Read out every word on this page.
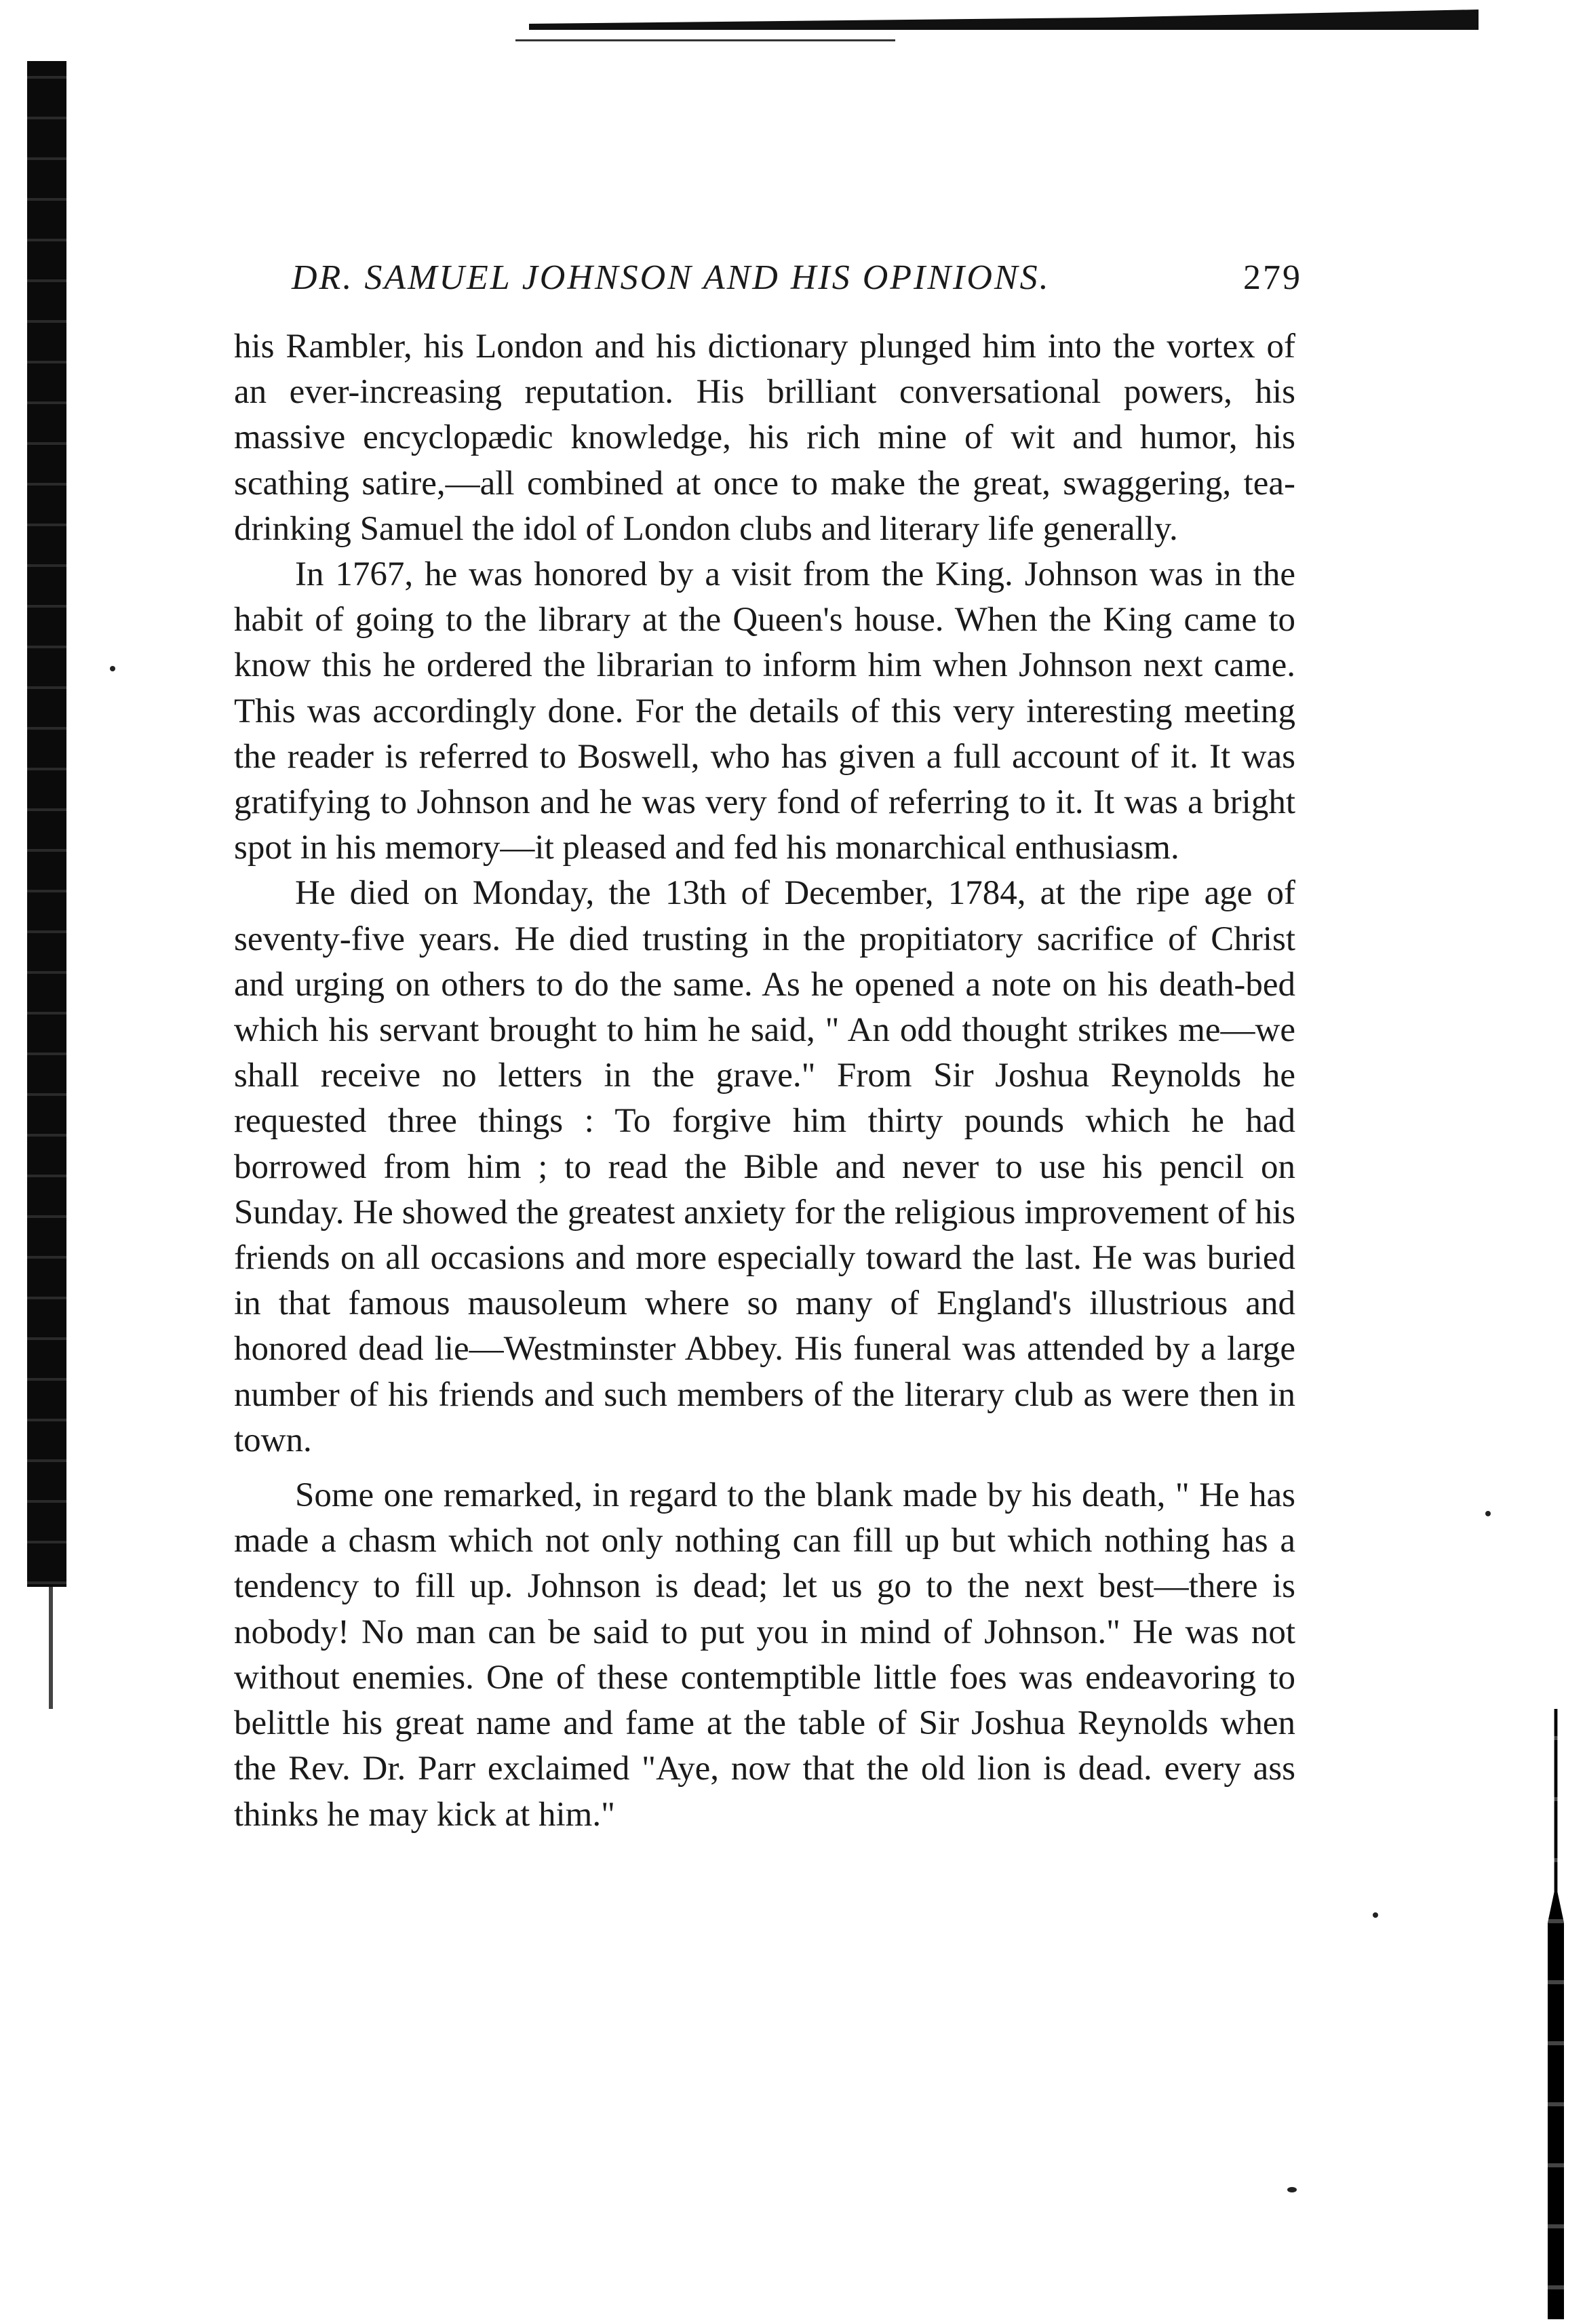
DR. SAMUEL JOHNSON AND HIS OPINIONS.	279

his Rambler, his London and his dictionary plunged him into the vortex of an ever-increasing reputation. His brilliant conversational powers, his massive encyclopædic knowledge, his rich mine of wit and humor, his scathing satire,—all combined at once to make the great, swaggering, tea-drinking Samuel the idol of London clubs and literary life generally.

In 1767, he was honored by a visit from the King. Johnson was in the habit of going to the library at the Queen's house. When the King came to know this he ordered the librarian to inform him when Johnson next came. This was accordingly done. For the details of this very interesting meeting the reader is referred to Boswell, who has given a full account of it. It was gratifying to Johnson and he was very fond of referring to it. It was a bright spot in his memory—it pleased and fed his monarchical enthusiasm.

He died on Monday, the 13th of December, 1784, at the ripe age of seventy-five years. He died trusting in the propitiatory sacrifice of Christ and urging on others to do the same. As he opened a note on his death-bed which his servant brought to him he said, " An odd thought strikes me—we shall receive no letters in the grave." From Sir Joshua Reynolds he requested three things : To forgive him thirty pounds which he had borrowed from him ; to read the Bible and never to use his pencil on Sunday. He showed the greatest anxiety for the religious improvement of his friends on all occasions and more especially toward the last. He was buried in that famous mausoleum where so many of England's illustrious and honored dead lie—Westminster Abbey. His funeral was attended by a large number of his friends and such members of the literary club as were then in town.

Some one remarked, in regard to the blank made by his death, " He has made a chasm which not only nothing can fill up but which nothing has a tendency to fill up. Johnson is dead; let us go to the next best—there is nobody! No man can be said to put you in mind of Johnson." He was not without enemies. One of these contemptible little foes was endeavoring to belittle his great name and fame at the table of Sir Joshua Reynolds when the Rev. Dr. Parr exclaimed "Aye, now that the old lion is dead. every ass thinks he may kick at him."
